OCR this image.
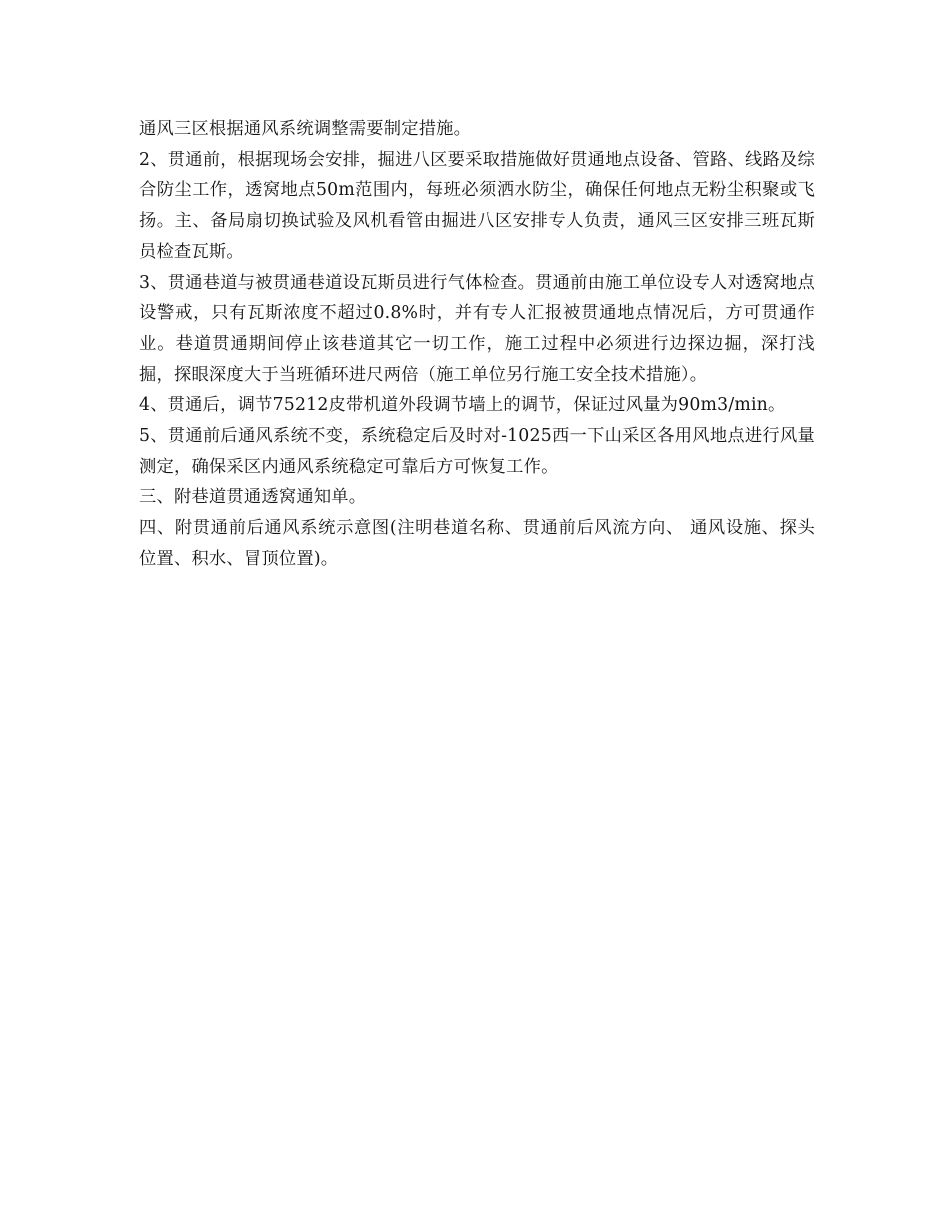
通风三区根据通风系统调整需要制定措施。

2、贯通前，根据现场会安排，掘进八区要采取措施做好贯通地点设备、管路、线路及综合防尘工作，透窝地点50m范围内，每班必须洒水防尘，确保任何地点无粉尘积聚或飞扬。主、备局扇切换试验及风机看管由掘进八区安排专人负责，通风三区安排三班瓦斯员检查瓦斯。

3、贯通巷道与被贯通巷道设瓦斯员进行气体检查。贯通前由施工单位设专人对透窝地点设警戒，只有瓦斯浓度不超过0.8%时，并有专人汇报被贯通地点情况后，方可贯通作业。巷道贯通期间停止该巷道其它一切工作，施工过程中必须进行边探边掘，深打浅掘，探眼深度大于当班循环进尺两倍（施工单位另行施工安全技术措施）。

4、贯通后，调节75212皮带机道外段调节墙上的调节，保证过风量为90m3/min。

5、贯通前后通风系统不变，系统稳定后及时对-1025西一下山采区各用风地点进行风量测定，确保采区内通风系统稳定可靠后方可恢复工作。

三、附巷道贯通透窝通知单。

四、附贯通前后通风系统示意图(注明巷道名称、贯通前后风流方向、 通风设施、探头位置、积水、冒顶位置)。
